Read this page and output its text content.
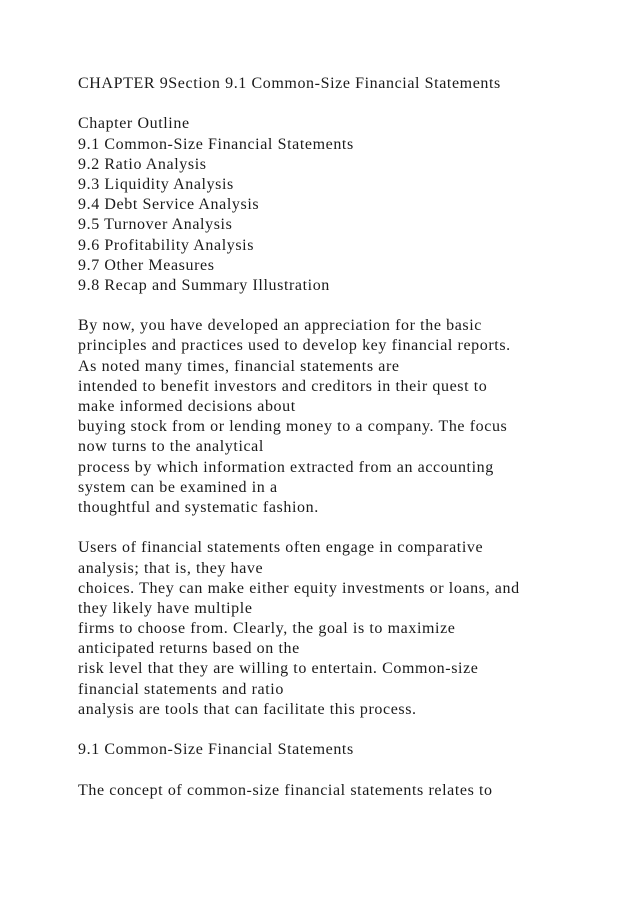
CHAPTER 9Section 9.1 Common-Size Financial Statements
Chapter Outline
9.1 Common-Size Financial Statements
9.2 Ratio Analysis
9.3 Liquidity Analysis
9.4 Debt Service Analysis
9.5 Turnover Analysis
9.6 Profitability Analysis
9.7 Other Measures
9.8 Recap and Summary Illustration
By now, you have developed an appreciation for the basic
principles and practices used to develop key financial reports.
As noted many times, financial statements are
intended to benefit investors and creditors in their quest to
make informed decisions about
buying stock from or lending money to a company. The focus
now turns to the analytical
process by which information extracted from an accounting
system can be examined in a
thoughtful and systematic fashion.
Users of financial statements often engage in comparative
analysis; that is, they have
choices. They can make either equity investments or loans, and
they likely have multiple
firms to choose from. Clearly, the goal is to maximize
anticipated returns based on the
risk level that they are willing to entertain. Common-size
financial statements and ratio
analysis are tools that can facilitate this process.
9.1 Common-Size Financial Statements
The concept of common-size financial statements relates to
